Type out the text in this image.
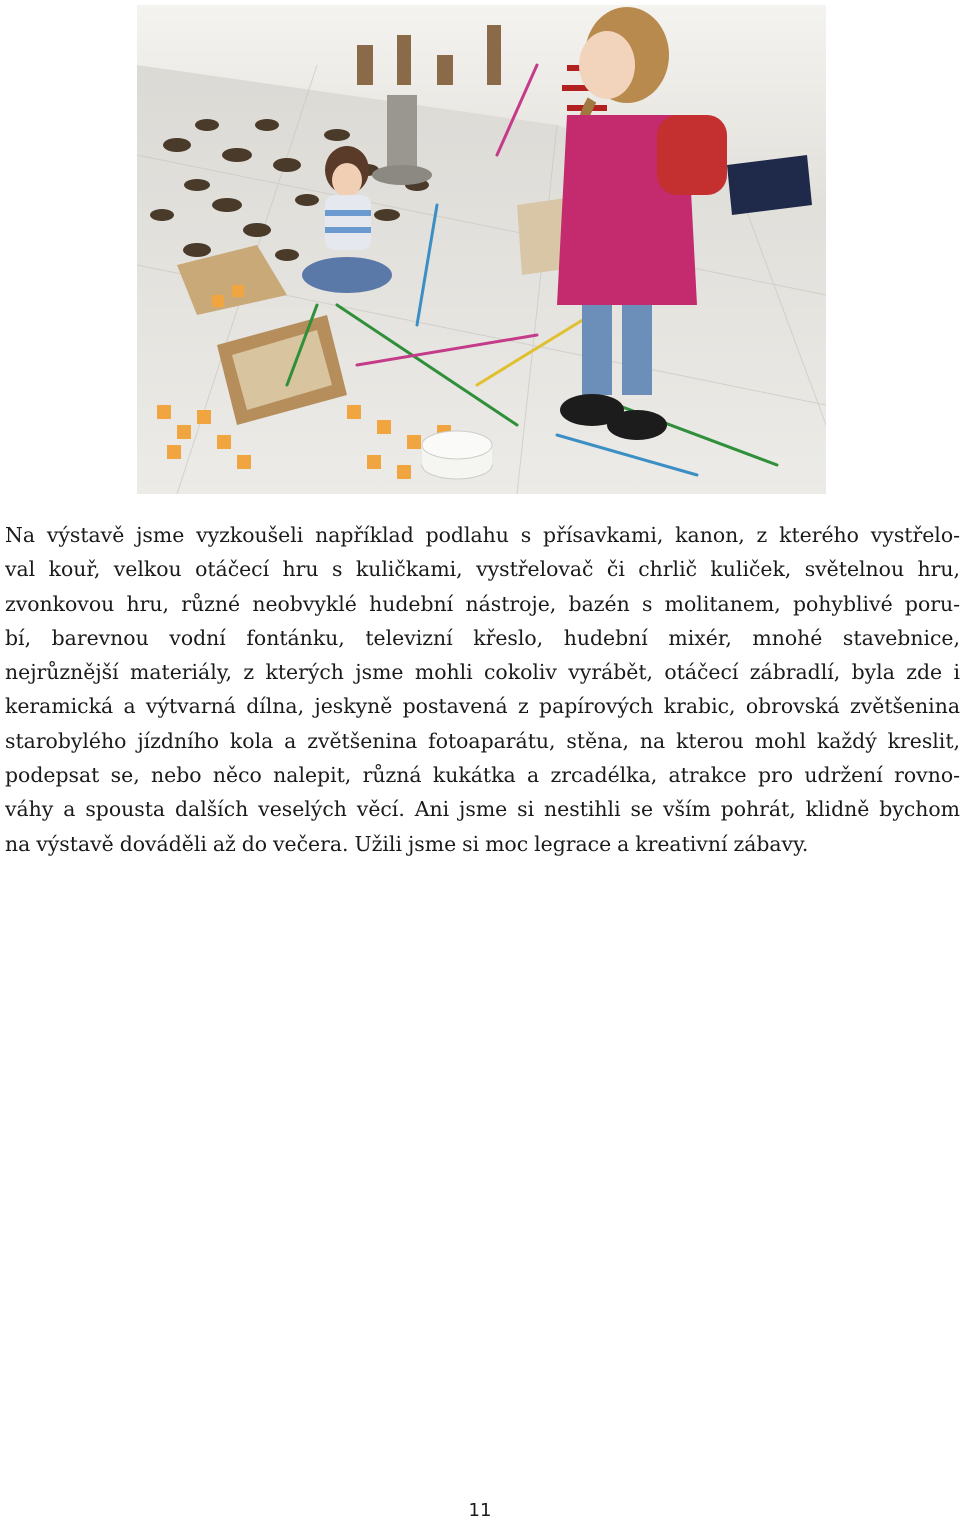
Na výstavě jsme vyzkoušeli například podlahu s přísavkami, kanon, z kterého vystřelo-
val kouř, velkou otáčecí hru s kuličkami, vystřelovač či chrlič kuliček, světelnou hru,
zvonkovou hru, různé neobvyklé hudební nástroje, bazén s molitanem, pohyblivé poru-
bí, barevnou vodní fontánku, televizní křeslo, hudební mixér, mnohé stavebnice,
nejrůznější materiály, z kterých jsme mohli cokoliv vyrábět, otáčecí zábradlí, byla zde i
keramická a výtvarná dílna, jeskyně postavená z papírových krabic, obrovská zvětšenina
starobylého jízdního kola a zvětšenina fotoaparátu, stěna, na kterou mohl každý kreslit,
podepsat se, nebo něco nalepit, různá kukátka a zrcadélka, atrakce pro udržení rovno-
váhy a spousta dalších veselých věcí. Ani jsme si nestihli se vším pohrát, klidně bychom
na výstavě dováděli až do večera. Užili jsme si moc legrace a kreativní zábavy.
11
